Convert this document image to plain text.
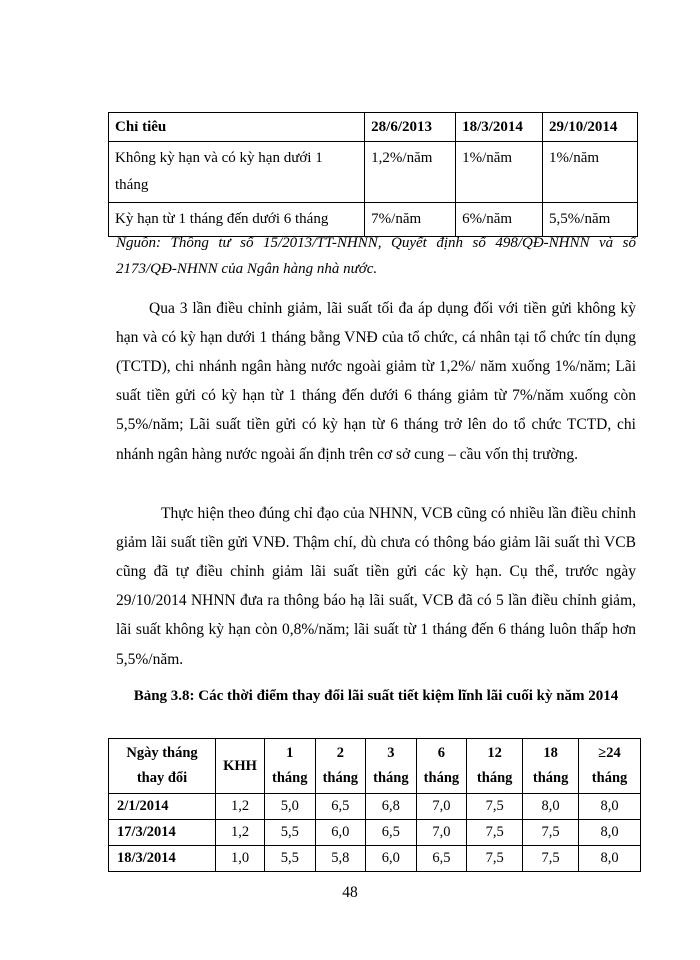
Chỉ tiêu	28/6/2013	18/3/2014	29/10/2014
Không kỳ hạn và có kỳ hạn dưới 1 tháng	1,2%/năm	1%/năm	1%/năm
Kỳ hạn từ 1 tháng đến dưới 6 tháng	7%/năm	6%/năm	5,5%/năm
Nguồn: Thông tư số 15/2013/TT-NHNN, Quyết định số 498/QĐ-NHNN và số 2173/QĐ-NHNN của Ngân hàng nhà nước.

Qua 3 lần điều chỉnh giảm, lãi suất tối đa áp dụng đối với tiền gửi không kỳ hạn và có kỳ hạn dưới 1 tháng bằng VNĐ của tổ chức, cá nhân tại tổ chức tín dụng (TCTD), chi nhánh ngân hàng nước ngoài giảm từ 1,2%/ năm xuống 1%/năm; Lãi suất tiền gửi có kỳ hạn từ 1 tháng đến dưới 6 tháng giảm từ 7%/năm xuống còn 5,5%/năm; Lãi suất tiền gửi có kỳ hạn từ 6 tháng trở lên do tổ chức TCTD, chi nhánh ngân hàng nước ngoài ấn định trên cơ sở cung – cầu vốn thị trường.

Thực hiện theo đúng chỉ đạo của NHNN, VCB cũng có nhiều lần điều chỉnh giảm lãi suất tiền gửi VNĐ. Thậm chí, dù chưa có thông báo giảm lãi suất thì VCB cũng đã tự điều chỉnh giảm lãi suất tiền gửi các kỳ hạn. Cụ thể, trước ngày 29/10/2014 NHNN đưa ra thông báo hạ lãi suất, VCB đã có 5 lần điều chỉnh giảm, lãi suất không kỳ hạn còn 0,8%/năm; lãi suất từ 1 tháng đến 6 tháng luôn thấp hơn 5,5%/năm.

Bảng 3.8: Các thời điểm thay đổi lãi suất tiết kiệm lĩnh lãi cuối kỳ năm 2014
Ngày tháng thay đổi	KHH	1 tháng	2 tháng	3 tháng	6 tháng	12 tháng	18 tháng	≥24 tháng
2/1/2014	1,2	5,0	6,5	6,8	7,0	7,5	8,0	8,0
17/3/2014	1,2	5,5	6,0	6,5	7,0	7,5	7,5	8,0
18/3/2014	1,0	5,5	5,8	6,0	6,5	7,5	7,5	8,0
48
